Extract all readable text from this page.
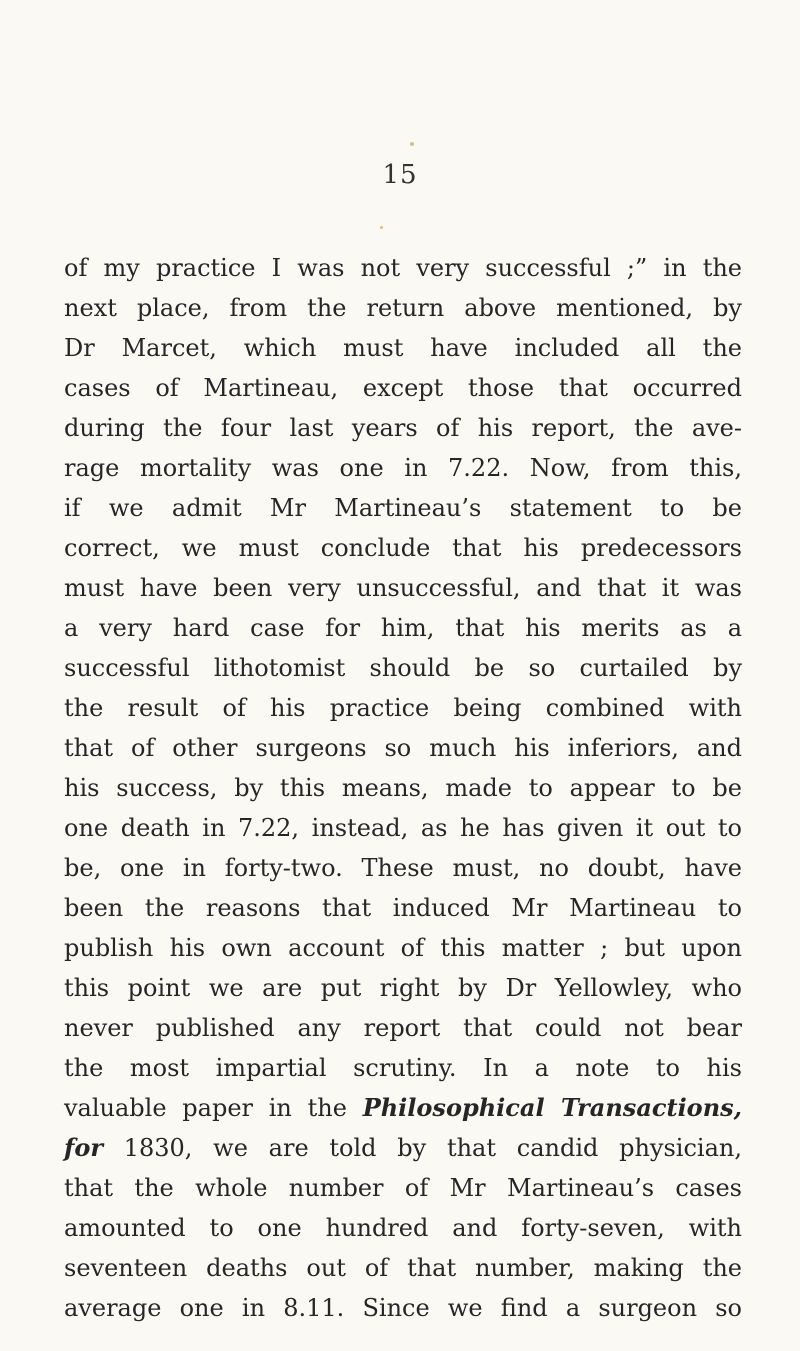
15
of my practice I was not very successful ;” in the
next place, from the return above mentioned, by
Dr Marcet, which must have included all the
cases of Martineau, except those that occurred
during the four last years of his report, the ave-
rage mortality was one in 7.22. Now, from this,
if we admit Mr Martineau’s statement to be
correct, we must conclude that his predecessors
must have been very unsuccessful, and that it was
a very hard case for him, that his merits as a
successful lithotomist should be so curtailed by
the result of his practice being combined with
that of other surgeons so much his inferiors, and
his success, by this means, made to appear to be
one death in 7.22, instead, as he has given it out to
be, one in forty-two. These must, no doubt, have
been the reasons that induced Mr Martineau to
publish his own account of this matter ; but upon
this point we are put right by Dr Yellowley, who
never published any report that could not bear
the most impartial scrutiny. In a note to his
valuable paper in the Philosophical Transactions,
for 1830, we are told by that candid physician,
that the whole number of Mr Martineau’s cases
amounted to one hundred and forty-seven, with
seventeen deaths out of that number, making the
average one in 8.11. Since we find a surgeon so
